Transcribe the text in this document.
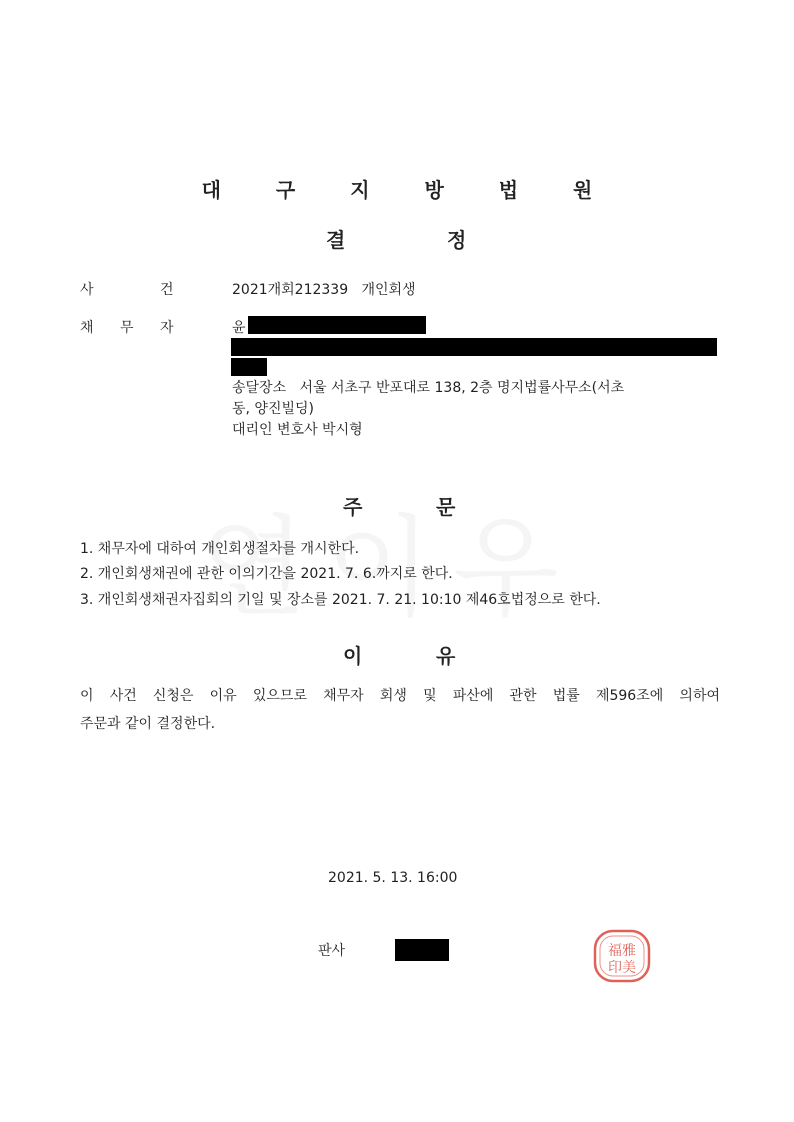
대 구 지 방 법 원
결	정
사	건	2021개회212339   개인회생
채 무 자	윤
송달장소   서울 서초구 반포대로 138, 2층 명지법률사무소(서초
동, 양진빌딩)
대리인 변호사 박시형
주	문
1. 채무자에 대하여 개인회생절차를 개시한다.
2. 개인회생채권에 관한 이의기간을 2021. 7. 6.까지로 한다.
3. 개인회생채권자집회의 기일 및 장소를 2021. 7. 21. 10:10 제46호법정으로 한다.
이	유
이 사건 신청은 이유 있으므로 채무자 회생 및 파산에 관한 법률 제596조에 의하여
주문과 같이 결정한다.
2021. 5. 13. 16:00
판사	福雅
印美
